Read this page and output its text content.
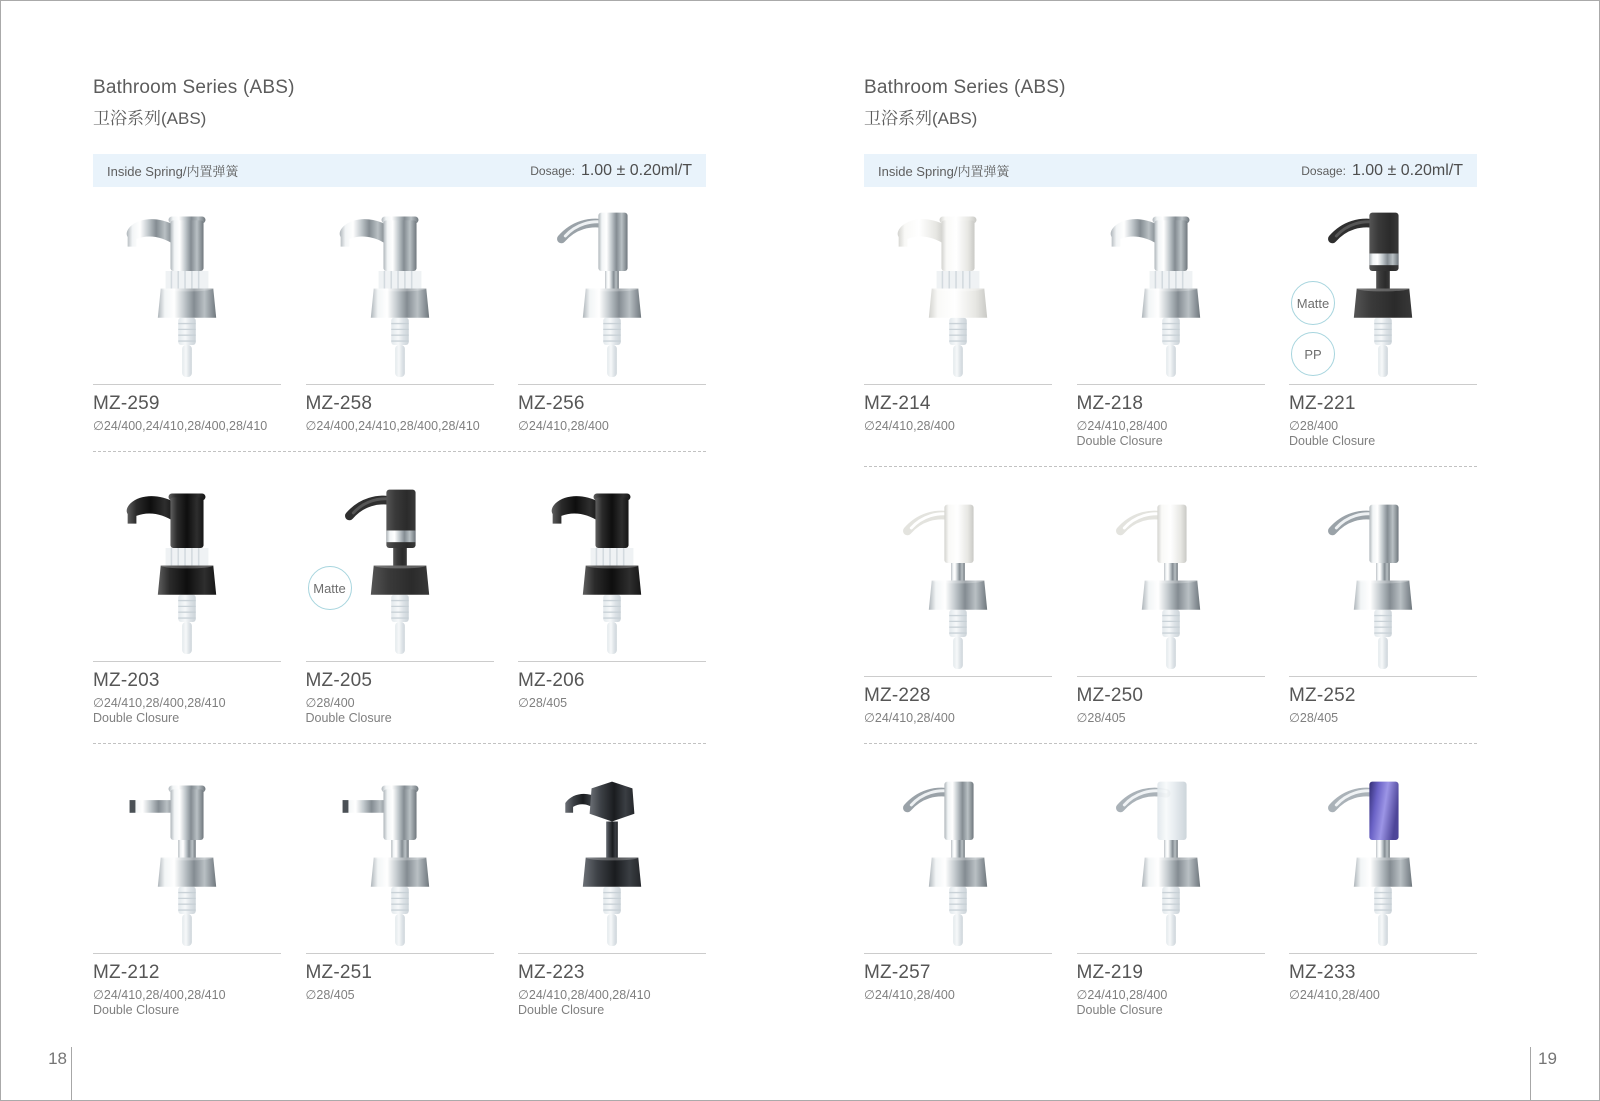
Bathroom Series (ABS)
卫浴系列(ABS)
Inside Spring/内置弹簧	Dosage: 1.00 ± 0.20ml/T
MZ-259
∅24/400,24/410,28/400,28/410
MZ-258
∅24/400,24/410,28/400,28/410
MZ-256
∅24/410,28/400
MZ-203
∅24/410,28/400,28/410
Double Closure
Matte
MZ-205
∅28/400
Double Closure
MZ-206
∅28/405
MZ-212
∅24/410,28/400,28/410
Double Closure
MZ-251
∅28/405
MZ-223
∅24/410,28/400,28/410
Double Closure
Bathroom Series (ABS)
卫浴系列(ABS)
Inside Spring/内置弹簧	Dosage: 1.00 ± 0.20ml/T
MZ-214
∅24/410,28/400
MZ-218
∅24/410,28/400
Double Closure
Matte
PP
MZ-221
∅28/400
Double Closure
MZ-228
∅24/410,28/400
MZ-250
∅28/405
MZ-252
∅28/405
MZ-257
∅24/410,28/400
MZ-219
∅24/410,28/400
Double Closure
MZ-233
∅24/410,28/400
18	19
